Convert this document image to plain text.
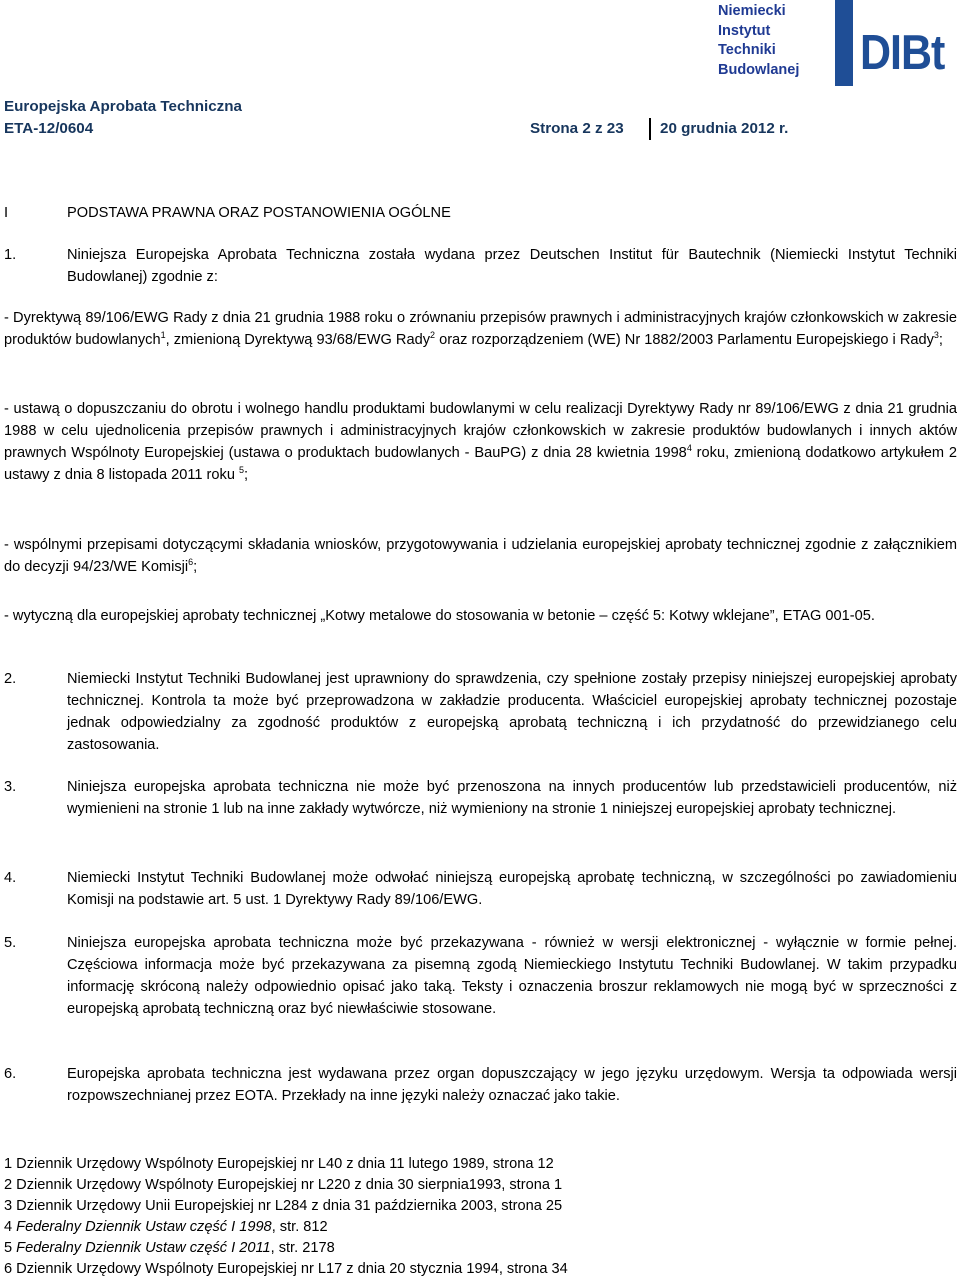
Niemiecki
Instytut
Techniki
Budowlanej	DIBt
Europejska Aprobata Techniczna
ETA-12/0604	Strona 2 z 23 20 grudnia 2012 r.
I	PODSTAWA PRAWNA ORAZ POSTANOWIENIA OGÓLNE
1.	Niniejsza Europejska Aprobata Techniczna została wydana przez Deutschen Institut für Bautechnik (Niemiecki Instytut Techniki Budowlanej) zgodnie z:
- Dyrektywą 89/106/EWG Rady z dnia 21 grudnia 1988 roku o zrównaniu przepisów prawnych i administracyjnych krajów członkowskich w zakresie produktów budowlanych$^1$, zmienioną Dyrektywą 93/68/EWG Rady$^2$ oraz rozporządzeniem (WE) Nr 1882/2003 Parlamentu Europejskiego i Rady$^3$;
- ustawą o dopuszczaniu do obrotu i wolnego handlu produktami budowlanymi w celu realizacji Dyrektywy Rady nr 89/106/EWG z dnia 21 grudnia 1988 w celu ujednolicenia przepisów prawnych i administracyjnych krajów członkowskich w zakresie produktów budowlanych i innych aktów prawnych Wspólnoty Europejskiej (ustawa o produktach budowlanych - BauPG) z dnia 28 kwietnia 1998$^4$ roku, zmienioną dodatkowo artykułem 2 ustawy z dnia 8 listopada 2011 roku $^5$;
- wspólnymi przepisami dotyczącymi składania wniosków, przygotowywania i udzielania europejskiej aprobaty technicznej zgodnie z załącznikiem do decyzji 94/23/WE Komisji$^6$;
- wytyczną dla europejskiej aprobaty technicznej „Kotwy metalowe do stosowania w betonie – część 5: Kotwy wklejane”, ETAG 001-05.
2.	Niemiecki Instytut Techniki Budowlanej jest uprawniony do sprawdzenia, czy spełnione zostały przepisy niniejszej europejskiej aprobaty technicznej. Kontrola ta może być przeprowadzona w zakładzie producenta. Właściciel europejskiej aprobaty technicznej pozostaje jednak odpowiedzialny za zgodność produktów z europejską aprobatą techniczną i ich przydatność do przewidzianego celu zastosowania.
3.	Niniejsza europejska aprobata techniczna nie może być przenoszona na innych producentów lub przedstawicieli producentów, niż wymienieni na stronie 1 lub na inne zakłady wytwórcze, niż wymieniony na stronie 1 niniejszej europejskiej aprobaty technicznej.
4.	Niemiecki Instytut Techniki Budowlanej może odwołać niniejszą europejską aprobatę techniczną, w szczególności po zawiadomieniu Komisji na podstawie art. 5 ust. 1 Dyrektywy Rady 89/106/EWG.
5.	Niniejsza europejska aprobata techniczna może być przekazywana - również w wersji elektronicznej - wyłącznie w formie pełnej. Częściowa informacja może być przekazywana za pisemną zgodą Niemieckiego Instytutu Techniki Budowlanej. W takim przypadku informację skróconą należy odpowiednio opisać jako taką. Teksty i oznaczenia broszur reklamowych nie mogą być w sprzeczności z europejską aprobatą techniczną oraz być niewłaściwie stosowane.
6.	Europejska aprobata techniczna jest wydawana przez organ dopuszczający w jego języku urzędowym. Wersja ta odpowiada wersji rozpowszechnianej przez EOTA. Przekłady na inne języki należy oznaczać jako takie.
1 Dziennik Urzędowy Wspólnoty Europejskiej nr L40 z dnia 11 lutego 1989, strona 12
2 Dziennik Urzędowy Wspólnoty Europejskiej nr L220 z dnia 30 sierpnia1993, strona 1
3 Dziennik Urzędowy Unii Europejskiej nr L284 z dnia 31 października 2003, strona 25
4 Federalny Dziennik Ustaw część I 1998, str. 812
5 Federalny Dziennik Ustaw część I 2011, str. 2178
6 Dziennik Urzędowy Wspólnoty Europejskiej nr L17 z dnia 20 stycznia 1994, strona 34
